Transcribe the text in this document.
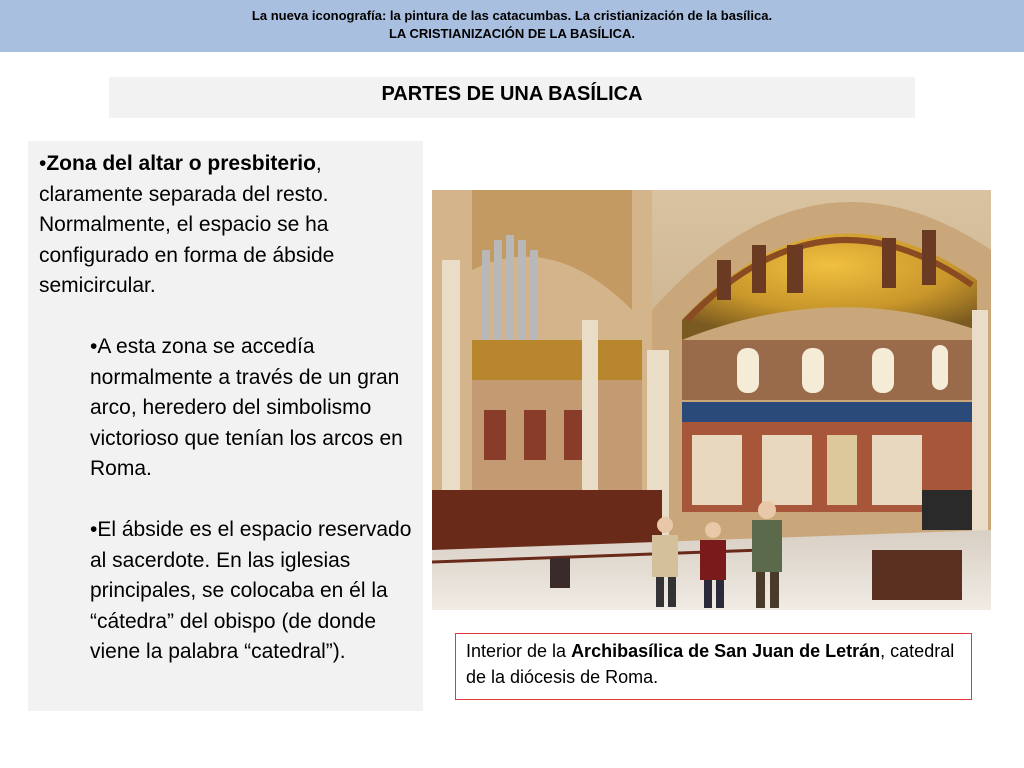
La nueva iconografía: la pintura de las catacumbas. La cristianización de la basílica.
LA CRISTIANIZACIÓN DE LA BASÍLICA.
PARTES DE UNA BASÍLICA

•Zona del altar o presbiterio, claramente separada del resto. Normalmente, el espacio se ha configurado en forma de ábside semicircular.

•A esta zona se accedía normalmente a través de un gran arco, heredero del simbolismo victorioso que tenían los arcos en Roma.

•El ábside es el espacio reservado al sacerdote. En las iglesias principales, se colocaba en él la “cátedra” del obispo (de donde viene la palabra “catedral”).	Interior de la Archibasílica de San Juan de Letrán, catedral de la diócesis de Roma.
